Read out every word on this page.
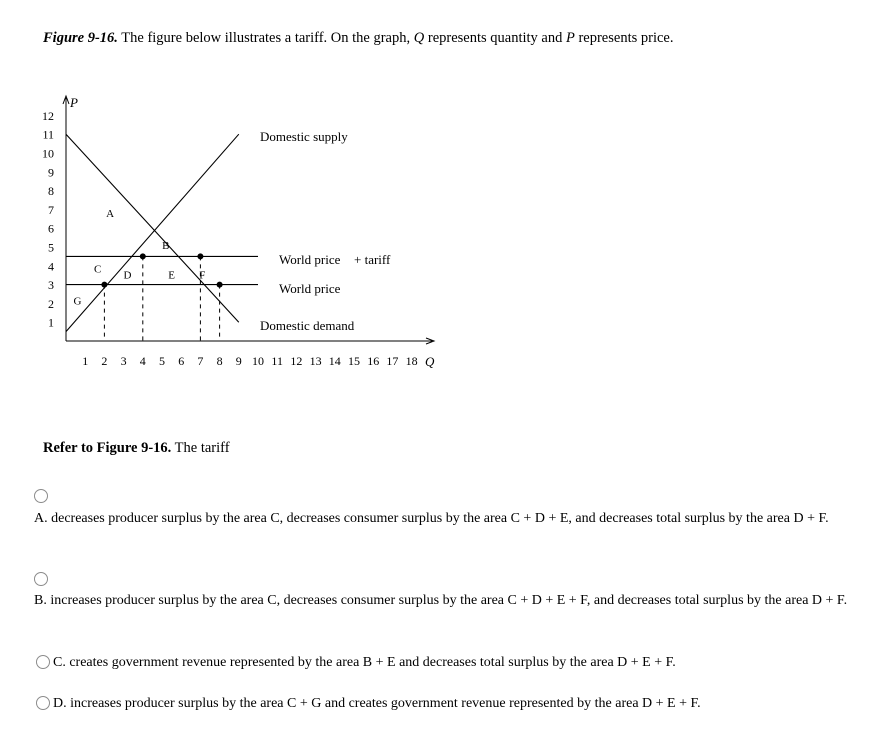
Figure 9-16. The figure below illustrates a tariff. On the graph, Q represents quantity and P represents price.

P
Q
12
11
10
9
8
7
6
5
4
3
2
1
1 2 3 4 5 6 7 8 9 10 11 12 13 14 15 16 17 18
Domestic supply
Domestic demand
World price + tariff
World price
A
B
C D	E F
G

Refer to Figure 9-16. The tariff

A. decreases producer surplus by the area C, decreases consumer surplus by the area C + D + E, and decreases total surplus by the area D + F.
B. increases producer surplus by the area C, decreases consumer surplus by the area C + D + E + F, and decreases total surplus by the area D + F.
C. creates government revenue represented by the area B + E and decreases total surplus by the area D + E + F.
D. increases producer surplus by the area C + G and creates government revenue represented by the area D + E + F.
